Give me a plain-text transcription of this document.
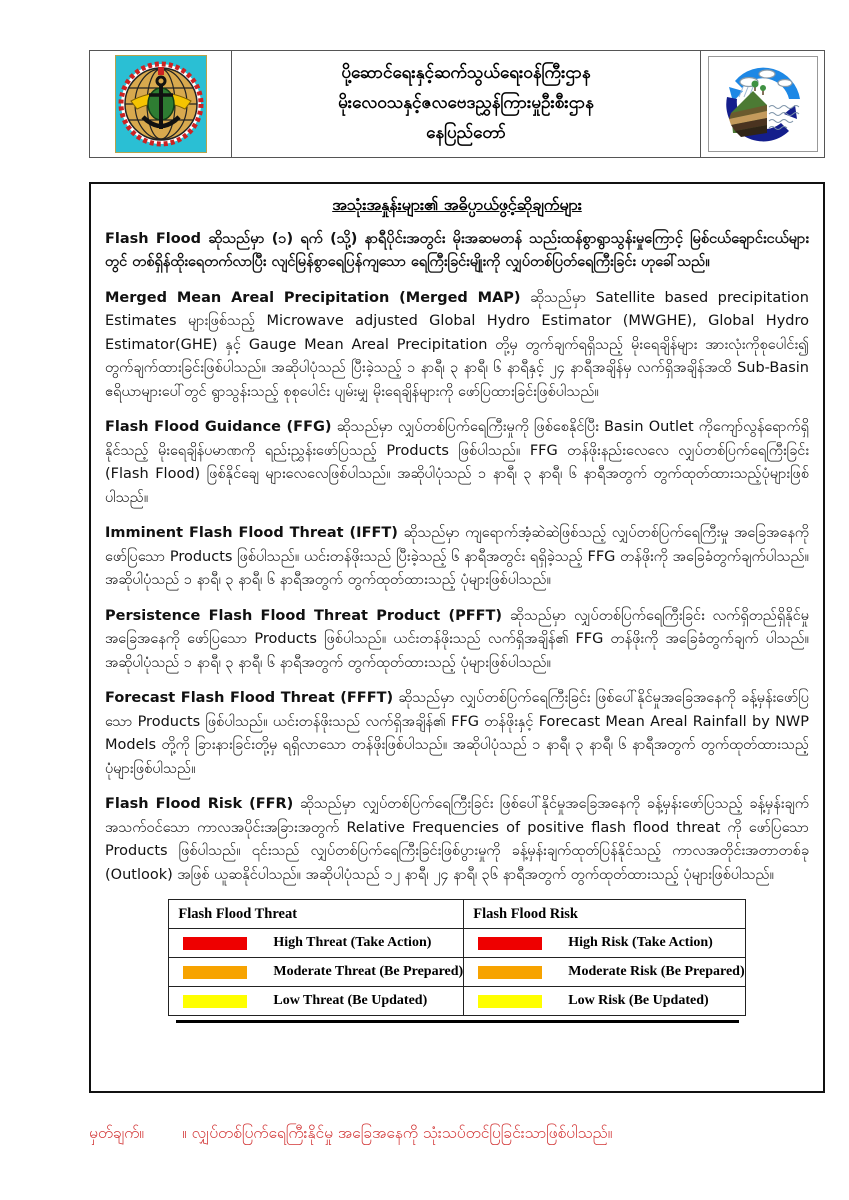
ပို့ဆောင်ရေးနှင့်ဆက်သွယ်ရေးဝန်ကြီးဌာန
မိုးလေဝသနှင့်ဇလဗေဒညွှန်ကြားမှုဦးစီးဌာန
နေပြည်တော်
အသုံးအနှုန်းများ၏ အဓိပ္ပာယ်ဖွင့်ဆိုချက်များ

Flash Flood ဆိုသည်မှာ (၁) ရက် (သို့) နာရီပိုင်းအတွင်း မိုးအဆမတန် သည်းထန်စွာရွာသွန်းမှုကြောင့် မြစ်ငယ်ချောင်းငယ်များတွင် တစ်ရှိန်ထိုးရေတက်လာပြီး လျင်မြန်စွာရေပြန်ကျသော ရေကြီးခြင်းမျိုးကို လျှပ်တစ်ပြတ်ရေကြီးခြင်း ဟုခေါ်သည်။

Merged Mean Areal Precipitation (Merged MAP) ဆိုသည်မှာ Satellite based precipitation Estimates များဖြစ်သည့် Microwave adjusted Global Hydro Estimator (MWGHE), Global Hydro Estimator(GHE) နှင့် Gauge Mean Areal Precipitation တို့မှ တွက်ချက်ရရှိသည့် မိုးရေချိန်များ အားလုံးကိုစုပေါင်း၍ တွက်ချက်ထားခြင်းဖြစ်ပါသည်။ အဆိုပါပုံသည် ပြီးခဲ့သည့် ၁ နာရီ၊ ၃ နာရီ၊ ၆ နာရီနှင့် ၂၄ နာရီအချိန်မှ လက်ရှိအချိန်အထိ Sub-Basin ဧရိယာများပေါ်တွင် ရွာသွန်းသည့် စုစုပေါင်း ပျမ်းမျှ မိုးရေချိန်များကို ဖော်ပြထားခြင်းဖြစ်ပါသည်။

Flash Flood Guidance (FFG) ဆိုသည်မှာ လျှပ်တစ်ပြက်ရေကြီးမှုကို ဖြစ်စေနိုင်ပြီး Basin Outlet ကိုကျော်လွန်ရောက်ရှိနိုင်သည့် မိုးရေချိန်ပမာဏကို ရည်းညွှန်းဖော်ပြသည့် Products ဖြစ်ပါသည်။ FFG တန်ဖိုးနည်းလေလေ လျှပ်တစ်ပြက်ရေကြီးခြင်း (Flash Flood) ဖြစ်နိုင်ချေ များလေလေဖြစ်ပါသည်။ အဆိုပါပုံသည် ၁ နာရီ၊ ၃ နာရီ၊ ၆ နာရီအတွက် တွက်ထုတ်ထားသည့်ပုံများဖြစ်ပါသည်။

Imminent Flash Flood Threat (IFFT) ဆိုသည်မှာ ကျရောက်အံ့ဆဲဆဲဖြစ်သည့် လျှပ်တစ်ပြက်ရေကြီးမှု အခြေအနေကို ဖော်ပြသော Products ဖြစ်ပါသည်။ ယင်းတန်ဖိုးသည် ပြီးခဲ့သည့် ၆ နာရီအတွင်း ရရှိခဲ့သည့် FFG တန်ဖိုးကို အခြေခံတွက်ချက်ပါသည်။ အဆိုပါပုံသည် ၁ နာရီ၊ ၃ နာရီ၊ ၆ နာရီအတွက် တွက်ထုတ်ထားသည့် ပုံများဖြစ်ပါသည်။

Persistence Flash Flood Threat Product (PFFT) ဆိုသည်မှာ လျှပ်တစ်ပြက်ရေကြီးခြင်း လက်ရှိတည်ရှိနိုင်မှု အခြေအနေကို ဖော်ပြသော Products ဖြစ်ပါသည်။ ယင်းတန်ဖိုးသည် လက်ရှိအချိန်၏ FFG တန်ဖိုးကို အခြေခံတွက်ချက် ပါသည်။ အဆိုပါပုံသည် ၁ နာရီ၊ ၃ နာရီ၊ ၆ နာရီအတွက် တွက်ထုတ်ထားသည့် ပုံများဖြစ်ပါသည်။

Forecast Flash Flood Threat (FFFT) ဆိုသည်မှာ လျှပ်တစ်ပြက်ရေကြီးခြင်း ဖြစ်ပေါ်နိုင်မှုအခြေအနေကို ခန့်မှန်းဖော်ပြသော Products ဖြစ်ပါသည်။ ယင်းတန်ဖိုးသည် လက်ရှိအချိန်၏ FFG တန်ဖိုးနှင့် Forecast Mean Areal Rainfall by NWP Models တို့ကို ခြားနားခြင်းတို့မှ ရရှိလာသော တန်ဖိုးဖြစ်ပါသည်။ အဆိုပါပုံသည် ၁ နာရီ၊ ၃ နာရီ၊ ၆ နာရီအတွက် တွက်ထုတ်ထားသည့် ပုံများဖြစ်ပါသည်။

Flash Flood Risk (FFR) ဆိုသည်မှာ လျှပ်တစ်ပြက်ရေကြီးခြင်း ဖြစ်ပေါ်နိုင်မှုအခြေအနေကို ခန့်မှန်းဖော်ပြသည့် ခန့်မှန်းချက် အသက်ဝင်သော ကာလအပိုင်းအခြားအတွက် Relative Frequencies of positive flash flood threat ကို ဖော်ပြသော Products ဖြစ်ပါသည်။ ၎င်းသည် လျှပ်တစ်ပြက်ရေကြီးခြင်းဖြစ်ပွားမှုကို ခန့်မှန်းချက်ထုတ်ပြန်နိုင်သည့် ကာလအတိုင်းအတာတစ်ခု (Outlook) အဖြစ် ယူဆနိုင်ပါသည်။ အဆိုပါပုံသည် ၁၂ နာရီ၊ ၂၄ နာရီ၊ ၃၆ နာရီအတွက် တွက်ထုတ်ထားသည့် ပုံများဖြစ်ပါသည်။

Flash Flood Threat	Flash Flood Risk

High Threat (Take Action)	High Risk (Take Action)

Moderate Threat (Be Prepared)	Moderate Risk (Be Prepared)

Low Threat (Be Updated)	Low Risk (Be Updated)
မှတ်ချက်။ ။ လျှပ်တစ်ပြက်ရေကြီးနိုင်မှု အခြေအနေကို သုံးသပ်တင်ပြခြင်းသာဖြစ်ပါသည်။
